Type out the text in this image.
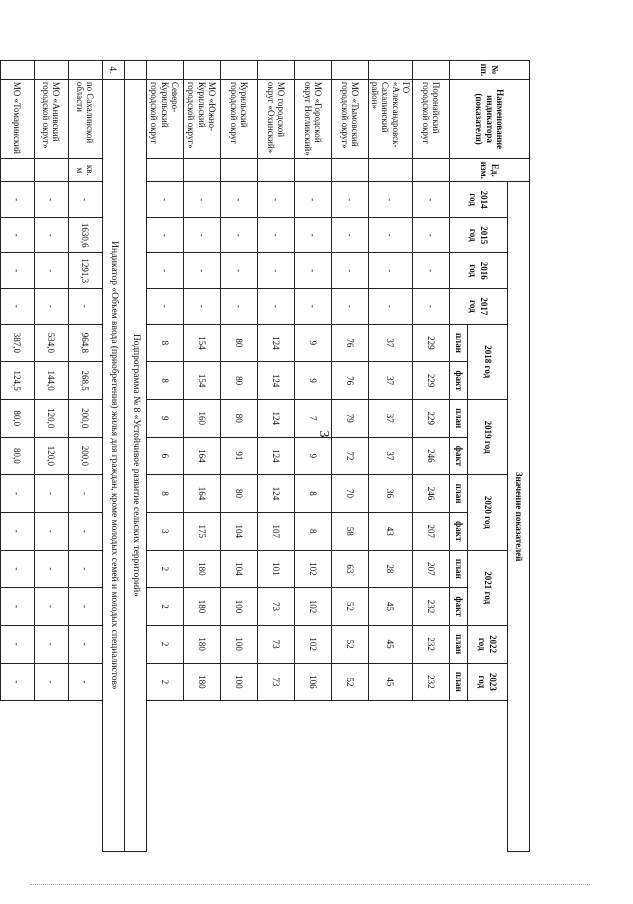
3
№ пп.	Наименование индикатора (показателя)	Ед. изм.	Значение показателей													
			2014 год	2015 год	2016 год	2017 год	2018 год		2019 год		2020 год		2021 год		2022 год	2023 год
							план	факт	план	факт	план	факт	план	факт	план	план
	Поронайский городской округ		-	-	-	-	229	229	229	246	246	207	207	232	232	232
	ГО «Александровск-Сахалинский район»		-	-	-	-	37	37	37	37	36	43	28	45	45	45
	МО «Тымовский городской округ»		-	-	-	-	76	76	79	72	70	58	63	52	52	52
	МО «Городской округ Ногликский»		-	-	-	-	9	9	7	9	8	8	102	102	102	106
	МО городской округ «Охинский»		-	-	-	-	124	124	124	124	124	107	101	73	73	73
	Курильский городской округ		-	-	-	-	80	80	80	91	80	104	104	100	100	100
	МО «Южно-Курильский городской округ»		-	-	-	-	154	154	160	164	164	175	180	180	180	180
	Северо-Курильский городской округ		-	-	-	-	8	8	9	6	8	3	2	2	2	2
	Подпрограмма № 8 «Устойчивое развитие сельских территорий»															
4.	Индикатор «Объем ввода (приобретения) жилья для граждан, кроме молодых семей и молодых специалистов»															
	по Сахалинской области	кв. м	-	1630,6	1291,3	-	964,8	268,5	200,0	200,0	-	-	-	-	-	-
	МО «Анивский городской округ»		-	-	-	-	534,0	144,0	120,0	120,0	-	-	-	-	-	-
	МО «Томаринский		-	-	-	-	387,0	124,5	80,0	80,0	-	-	-	-	-	-
